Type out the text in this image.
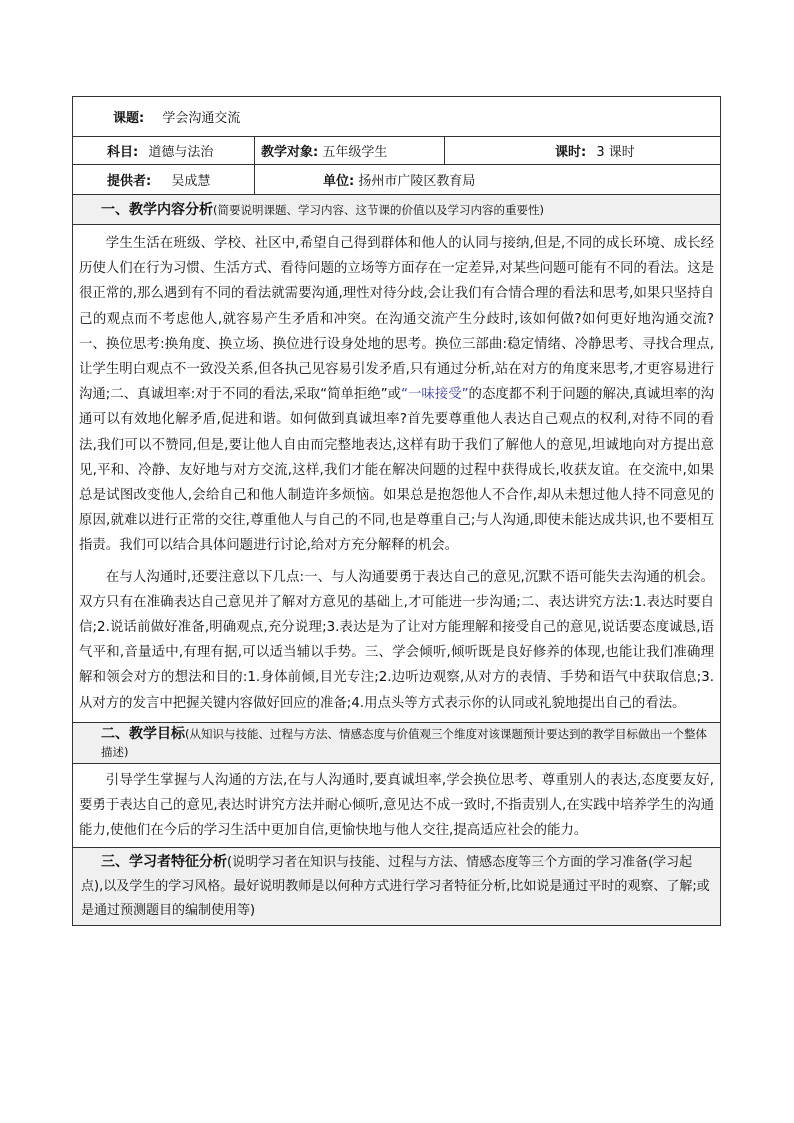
课题: 学会沟通交流		
科目: 道德与法治	教学对象: 五年级学生	课时: 3 课时
提供者: 吴成慧	单位: 扬州市广陵区教育局	
一、教学内容分析(简要说明课题、学习内容、这节课的价值以及学习内容的重要性)		

学生生活在班级、学校、社区中,希望自己得到群体和他人的认同与接纳,但是,不同的成长环境、成长经历使人们在行为习惯、生活方式、看待问题的立场等方面存在一定差异,对某些问题可能有不同的看法。这是很正常的,那么遇到有不同的看法就需要沟通,理性对待分歧,会让我们有合情合理的看法和思考,如果只坚持自己的观点而不考虑他人,就容易产生矛盾和冲突。在沟通交流产生分歧时,该如何做?如何更好地沟通交流?一、换位思考:换角度、换立场、换位进行设身处地的思考。换位三部曲:稳定情绪、冷静思考、寻找合理点,让学生明白观点不一致没关系,但各执己见容易引发矛盾,只有通过分析,站在对方的角度来思考,才更容易进行沟通;二、真诚坦率:对于不同的看法,采取“简单拒绝”或“一味接受”的态度都不利于问题的解决,真诚坦率的沟通可以有效地化解矛盾,促进和谐。如何做到真诚坦率?首先要尊重他人表达自己观点的权利,对待不同的看法,我们可以不赞同,但是,要让他人自由而完整地表达,这样有助于我们了解他人的意见,坦诚地向对方提出意见,平和、冷静、友好地与对方交流,这样,我们才能在解决问题的过程中获得成长,收获友谊。在交流中,如果总是试图改变他人,会给自己和他人制造许多烦恼。如果总是抱怨他人不合作,却从未想过他人持不同意见的原因,就难以进行正常的交往,尊重他人与自己的不同,也是尊重自己;与人沟通,即使未能达成共识,也不要相互指责。我们可以结合具体问题进行讨论,给对方充分解释的机会。

在与人沟通时,还要注意以下几点:一、与人沟通要勇于表达自己的意见,沉默不语可能失去沟通的机会。双方只有在准确表达自己意见并了解对方意见的基础上,才可能进一步沟通;二、表达讲究方法:1.表达时要自信;2.说话前做好准备,明确观点,充分说理;3.表达是为了让对方能理解和接受自己的意见,说话要态度诚恳,语气平和,音量适中,有理有据,可以适当辅以手势。三、学会倾听,倾听既是良好修养的体现,也能让我们准确理解和领会对方的想法和目的:1.身体前倾,目光专注;2.边听边观察,从对方的表情、手势和语气中获取信息;3.从对方的发言中把握关键内容做好回应的准备;4.用点头等方式表示你的认同或礼貌地提出自己的看法。		

二、教学目标(从知识与技能、过程与方法、情感态度与价值观三个维度对该课题预计要达到的教学目标做出一个整体描述)		

引导学生掌握与人沟通的方法,在与人沟通时,要真诚坦率,学会换位思考、尊重别人的表达,态度要友好,要勇于表达自己的意见,表达时讲究方法并耐心倾听,意见达不成一致时,不指责别人,在实践中培养学生的沟通能力,使他们在今后的学习生活中更加自信,更愉快地与他人交往,提高适应社会的能力。		

三、学习者特征分析(说明学习者在知识与技能、过程与方法、情感态度等三个方面的学习准备(学习起点),以及学生的学习风格。最好说明教师是以何种方式进行学习者特征分析,比如说是通过平时的观察、了解;或是通过预测题目的编制使用等)		
